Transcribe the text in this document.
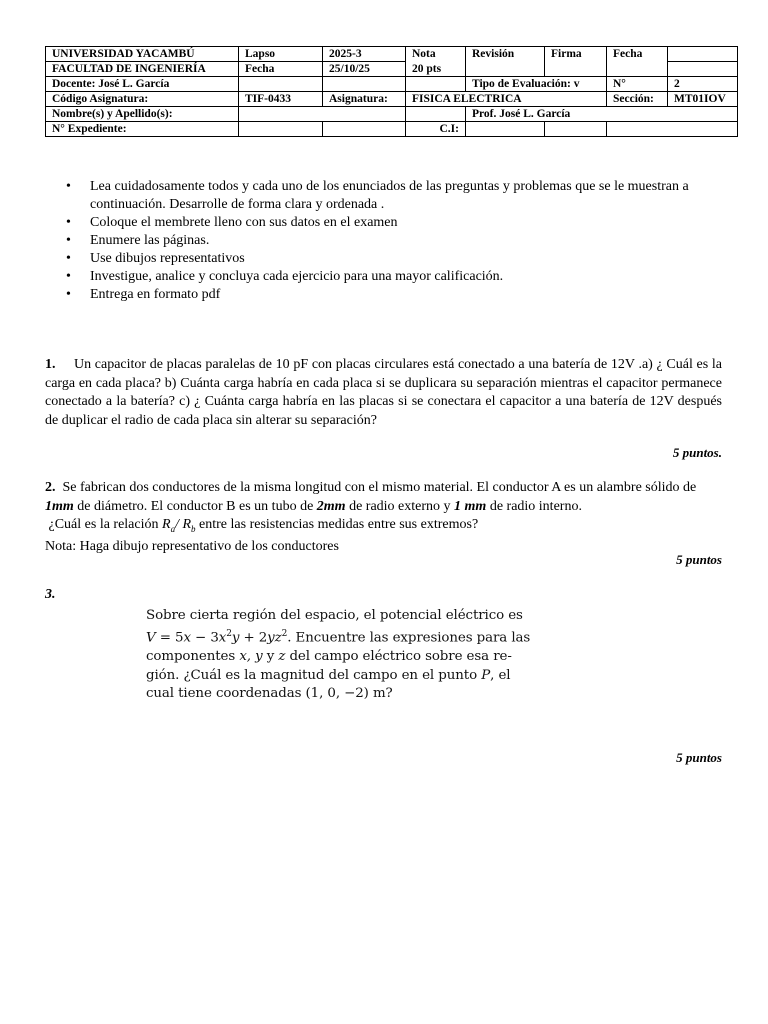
UNIVERSIDAD YACAMBÚ	Lapso	2025-3	Nota	Revisión	Firma	Fecha	
FACULTAD DE INGENIERÍA	Fecha	25/10/25	20 pts				
Docente: José L. García				Tipo de Evaluación: v		N°	2
Código Asignatura:	TIF-0433	Asignatura:	FISICA ELECTRICA			Sección:	MT01IOV
Nombre(s) y Apellido(s):				Prof. José L. García			
N° Expediente:			C.I:				
• Lea cuidadosamente todos y cada uno de los enunciados de las preguntas y problemas que se le muestran a continuación. Desarrolle de forma clara y ordenada .
• Coloque el membrete lleno con sus datos en el examen
• Enumere las páginas.
• Use dibujos representativos
• Investigue, analice y concluya cada ejercicio para una mayor calificación.
• Entrega en formato pdf
1. Un capacitor de placas paralelas de 10 pF con placas circulares está conectado a una batería de 12V .a) ¿ Cuál es la carga en cada placa? b) Cuánta carga habría en cada placa si se duplicara su separación mientras el capacitor permanece conectado a la batería? c) ¿ Cuánta carga habría en las placas si se conectara el capacitor a una batería de 12V después de duplicar el radio de cada placa sin alterar su separación?
5 puntos.
2. Se fabrican dos conductores de la misma longitud con el mismo material. El conductor A es un alambre sólido de 1mm de diámetro. El conductor B es un tubo de 2mm de radio externo y 1 mm de radio interno.
¿Cuál es la relación $R_a/$ $R_b$ entre las resistencias medidas entre sus extremos?
Nota: Haga dibujo representativo de los conductores
5 puntos
3.
Sobre cierta región del espacio, el potencial eléctrico es
$V = 5x - 3x^2y + 2yz^2$. Encuentre las expresiones para las
componentes x, y y z del campo eléctrico sobre esa re-
gión. ¿Cuál es la magnitud del campo en el punto P, el
cual tiene coordenadas (1, 0, −2) m?
5 puntos
